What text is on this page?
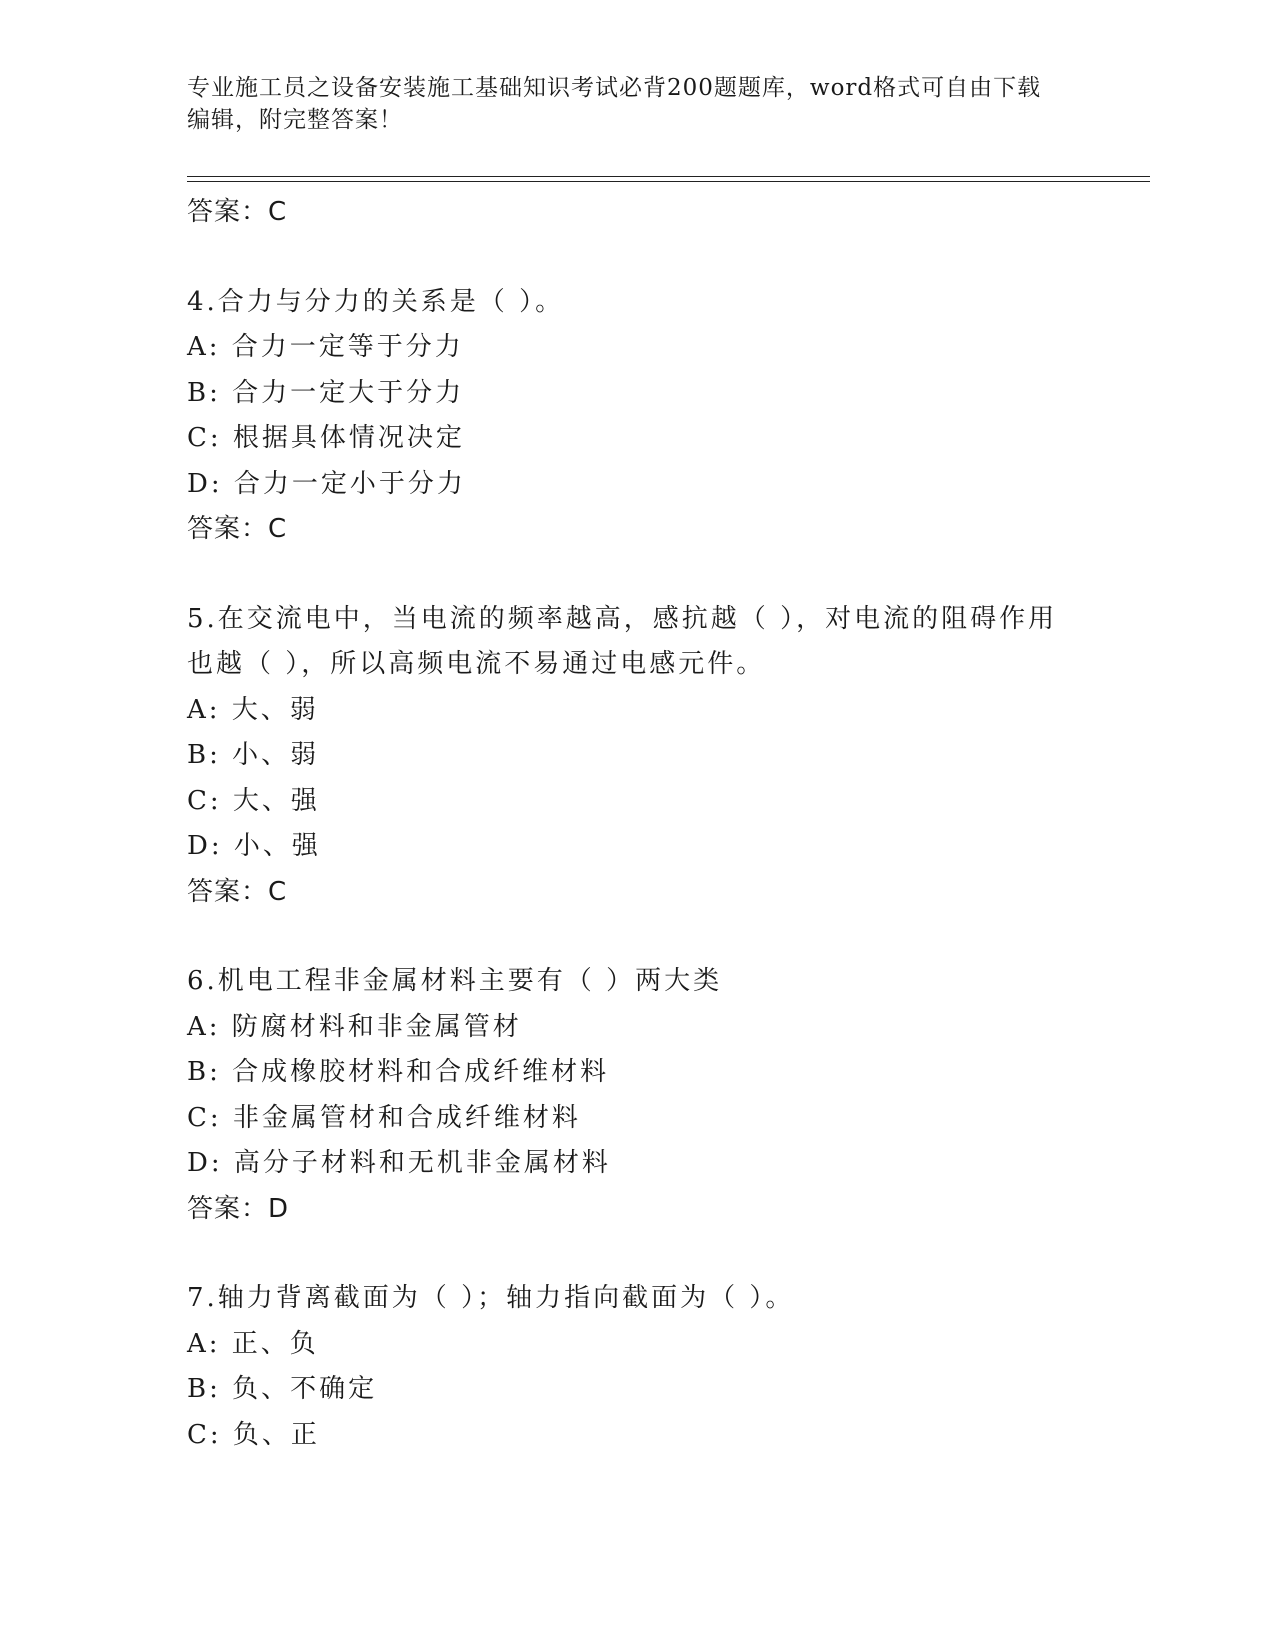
专业施工员之设备安装施工基础知识考试必背200题题库，word格式可自由下载
编辑，附完整答案！
答案：C
4.合力与分力的关系是（ ）。
A: 合力一定等于分力
B: 合力一定大于分力
C: 根据具体情况决定
D: 合力一定小于分力
答案：C
5.在交流电中，当电流的频率越高，感抗越（ ），对电流的阻碍作用
也越（ ），所以高频电流不易通过电感元件。
A: 大、弱
B: 小、弱
C: 大、强
D: 小、强
答案：C
6.机电工程非金属材料主要有（ ）两大类
A: 防腐材料和非金属管材
B: 合成橡胶材料和合成纤维材料
C: 非金属管材和合成纤维材料
D: 高分子材料和无机非金属材料
答案：D
7.轴力背离截面为（ ）；轴力指向截面为（ ）。
A: 正、负
B: 负、不确定
C: 负、正
